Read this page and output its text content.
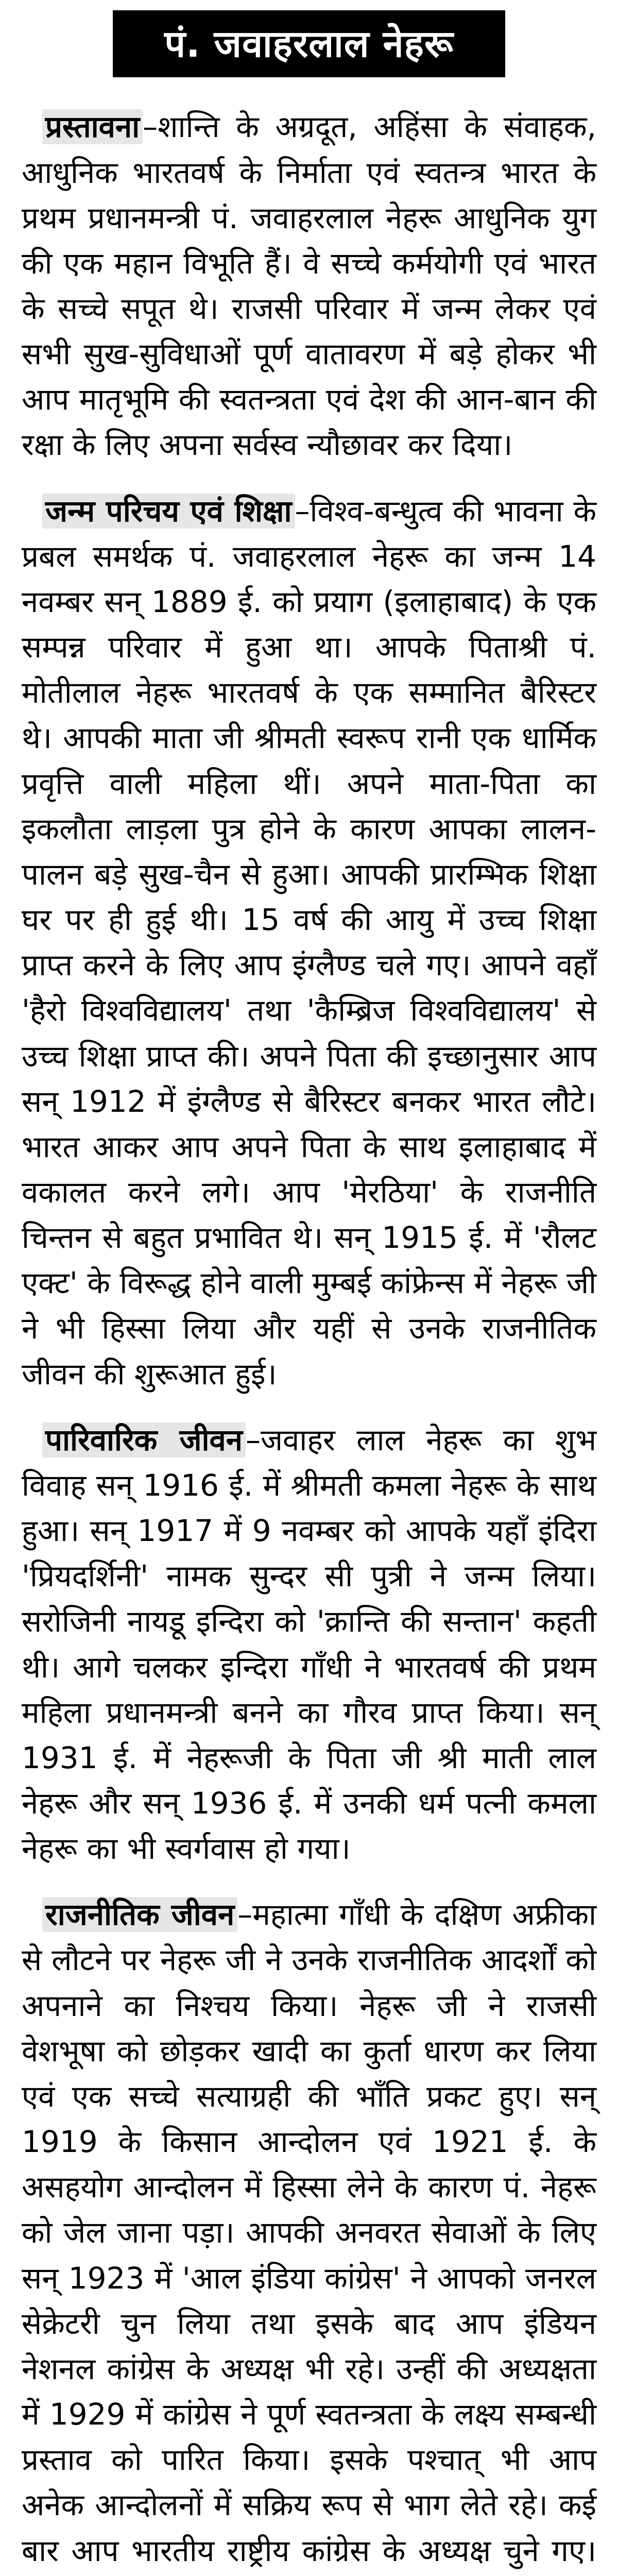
पं. जवाहरलाल नेहरू

प्रस्तावना –शान्ति के अग्रदूत, अहिंसा के संवाहक, आधुनिक भारतवर्ष के निर्माता एवं स्वतन्त्र भारत के प्रथम प्रधानमन्त्री पं. जवाहरलाल नेहरू आधुनिक युग की एक महान विभूति हैं। वे सच्चे कर्मयोगी एवं भारत के सच्चे सपूत थे। राजसी परिवार में जन्म लेकर एवं सभी सुख-सुविधाओं पूर्ण वातावरण में बड़े होकर भी आप मातृभूमि की स्वतन्त्रता एवं देश की आन-बान की रक्षा के लिए अपना सर्वस्व न्यौछावर कर दिया।

जन्म परिचय एवं शिक्षा –विश्व-बन्धुत्व की भावना के प्रबल समर्थक पं. जवाहरलाल नेहरू का जन्म 14 नवम्बर सन् 1889 ई. को प्रयाग (इलाहाबाद) के एक सम्पन्न परिवार में हुआ था। आपके पिताश्री पं. मोतीलाल नेहरू भारतवर्ष के एक सम्मानित बैरिस्टर थे। आपकी माता जी श्रीमती स्वरूप रानी एक धार्मिक प्रवृत्ति वाली महिला थीं। अपने माता-पिता का इकलौता लाड़ला पुत्र होने के कारण आपका लालन-पालन बड़े सुख-चैन से हुआ। आपकी प्रारम्भिक शिक्षा घर पर ही हुई थी। 15 वर्ष की आयु में उच्च शिक्षा प्राप्त करने के लिए आप इंग्लैण्ड चले गए। आपने वहाँ 'हैरो विश्वविद्यालय' तथा 'कैम्ब्रिज विश्वविद्यालय' से उच्च शिक्षा प्राप्त की। अपने पिता की इच्छानुसार आप सन् 1912 में इंग्लैण्ड से बैरिस्टर बनकर भारत लौटे। भारत आकर आप अपने पिता के साथ इलाहाबाद में वकालत करने लगे। आप 'मेरठिया' के राजनीति चिन्तन से बहुत प्रभावित थे। सन् 1915 ई. में 'रौलट एक्ट' के विरूद्ध होने वाली मुम्बई कांफ्रेन्स में नेहरू जी ने भी हिस्सा लिया और यहीं से उनके राजनीतिक जीवन की शुरूआत हुई।

पारिवारिक जीवन –जवाहर लाल नेहरू का शुभ विवाह सन् 1916 ई. में श्रीमती कमला नेहरू के साथ हुआ। सन् 1917 में 9 नवम्बर को आपके यहाँ इंदिरा 'प्रियदर्शिनी' नामक सुन्दर सी पुत्री ने जन्म लिया। सरोजिनी नायडू इन्दिरा को 'क्रान्ति की सन्तान' कहती थी। आगे चलकर इन्दिरा गाँधी ने भारतवर्ष की प्रथम महिला प्रधानमन्त्री बनने का गौरव प्राप्त किया। सन् 1931 ई. में नेहरूजी के पिता जी श्री माती लाल नेहरू और सन् 1936 ई. में उनकी धर्म पत्नी कमला नेहरू का भी स्वर्गवास हो गया।

राजनीतिक जीवन –महात्मा गाँधी के दक्षिण अफ्रीका से लौटने पर नेहरू जी ने उनके राजनीतिक आदर्शों को अपनाने का निश्चय किया। नेहरू जी ने राजसी वेशभूषा को छोड़कर खादी का कुर्ता धारण कर लिया एवं एक सच्चे सत्याग्रही की भाँति प्रकट हुए। सन् 1919 के किसान आन्दोलन एवं 1921 ई. के असहयोग आन्दोलन में हिस्सा लेने के कारण पं. नेहरू को जेल जाना पड़ा। आपकी अनवरत सेवाओं के लिए सन् 1923 में 'आल इंडिया कांग्रेस' ने आपको जनरल सेक्रेटरी चुन लिया तथा इसके बाद आप इंडियन नेशनल कांग्रेस के अध्यक्ष भी रहे। उन्हीं की अध्यक्षता में 1929 में कांग्रेस ने पूर्ण स्वतन्त्रता के लक्ष्य सम्बन्धी प्रस्ताव को पारित किया। इसके पश्चात् भी आप अनेक आन्दोलनों में सक्रिय रूप से भाग लेते रहे। कई बार आप भारतीय राष्ट्रीय कांग्रेस के अध्यक्ष चुने गए।
